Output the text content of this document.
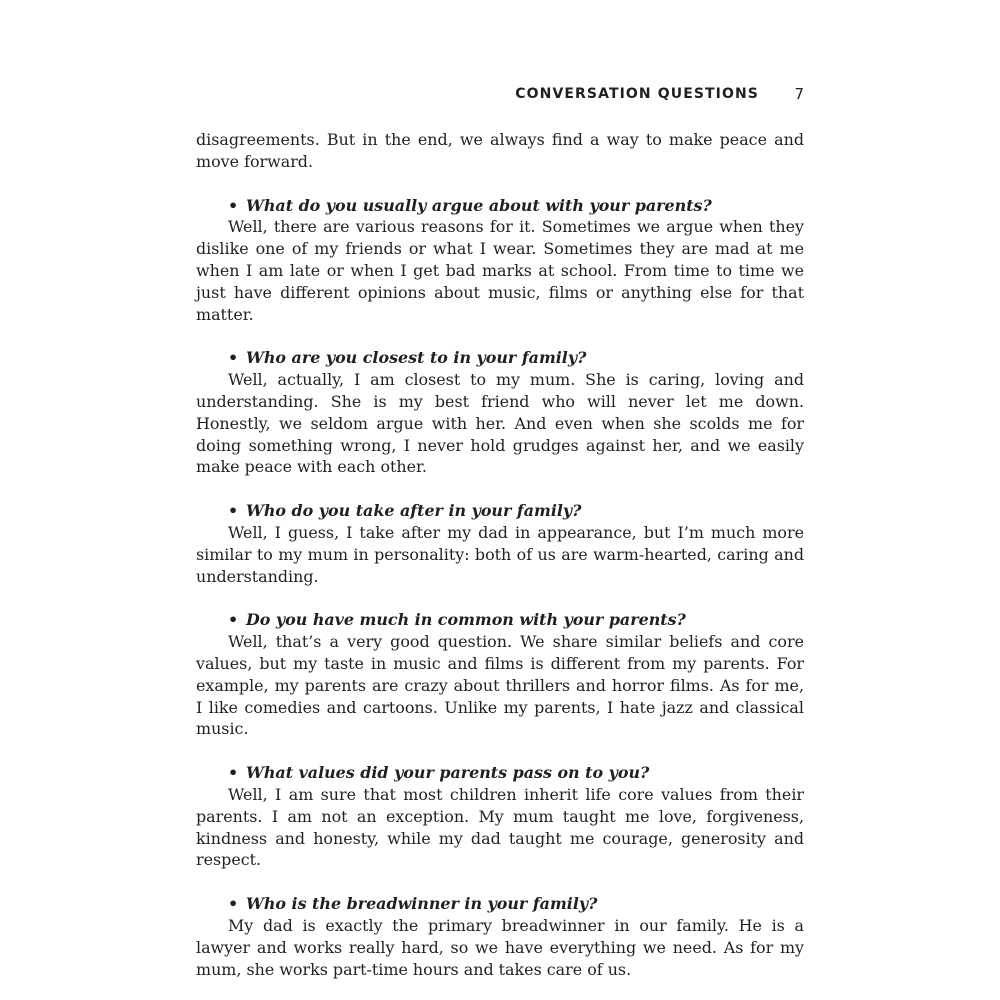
CONVERSATION QUESTIONS 7

disagreements. But in the end, we always find a way to make peace and move forward.

• What do you usually argue about with your parents?

Well, there are various reasons for it. Sometimes we argue when they dislike one of my friends or what I wear. Sometimes they are mad at me when I am late or when I get bad marks at school. From time to time we just have different opinions about music, films or anything else for that matter.

• Who are you closest to in your family?

Well, actually, I am closest to my mum. She is caring, loving and understanding. She is my best friend who will never let me down. Honestly, we seldom argue with her. And even when she scolds me for doing something wrong, I never hold grudges against her, and we easily make peace with each other.

• Who do you take after in your family?

Well, I guess, I take after my dad in appearance, but I’m much more similar to my mum in personality: both of us are warm-hearted, caring and understanding.

• Do you have much in common with your parents?

Well, that’s a very good question. We share similar beliefs and core values, but my taste in music and films is different from my parents. For example, my parents are crazy about thrillers and horror films. As for me, I like comedies and cartoons. Unlike my parents, I hate jazz and classical music.

• What values did your parents pass on to you?

Well, I am sure that most children inherit life core values from their parents. I am not an exception. My mum taught me love, forgiveness, kindness and honesty, while my dad taught me courage, generosity and respect.

• Who is the breadwinner in your family?

My dad is exactly the primary breadwinner in our family. He is a lawyer and works really hard, so we have everything we need. As for my mum, she works part-time hours and takes care of us.
